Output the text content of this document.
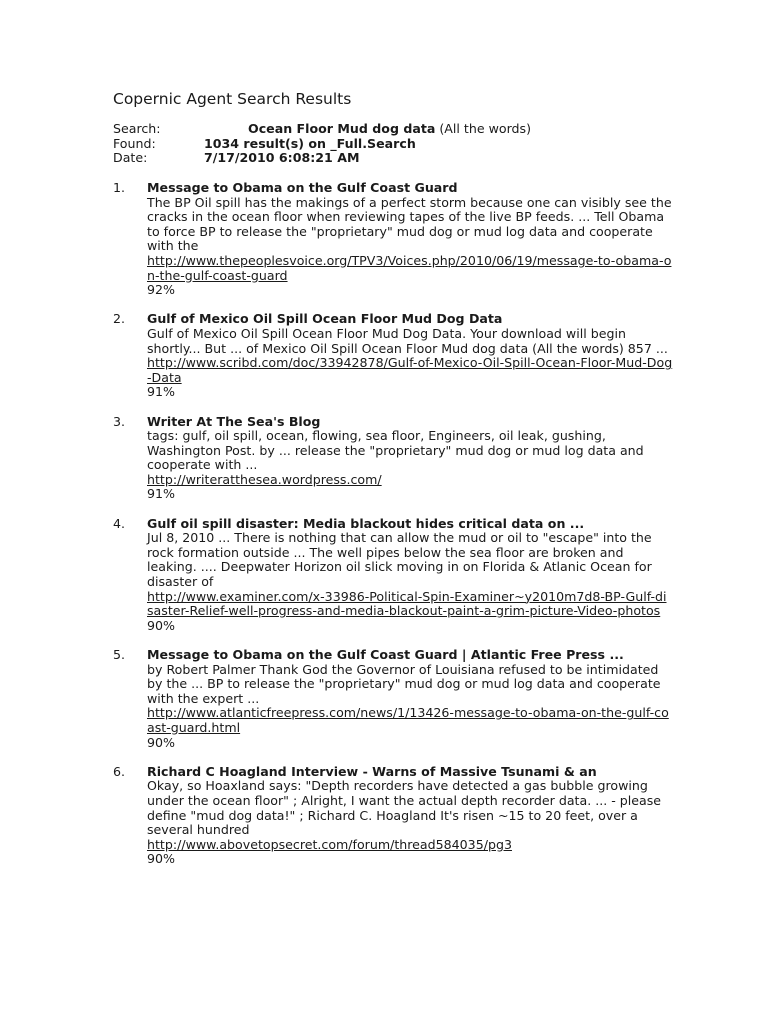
Copernic Agent Search Results
Search:	Ocean Floor Mud dog data (All the words)
Found:	1034 result(s) on _Full.Search
Date:	7/17/2010 6:08:21 AM
1. Message to Obama on the Gulf Coast Guard
The BP Oil spill has the makings of a perfect storm because one can visibly see the cracks in the ocean floor when reviewing tapes of the live BP feeds. ... Tell Obama to force BP to release the "proprietary" mud dog or mud log data and cooperate with the
http://www.thepeoplesvoice.org/TPV3/Voices.php/2010/06/19/message-to-obama-on-the-gulf-coast-guard
92%
2. Gulf of Mexico Oil Spill Ocean Floor Mud Dog Data
Gulf of Mexico Oil Spill Ocean Floor Mud Dog Data. Your download will begin shortly... But ... of Mexico Oil Spill Ocean Floor Mud dog data (All the words) 857 ...
http://www.scribd.com/doc/33942878/Gulf-of-Mexico-Oil-Spill-Ocean-Floor-Mud-Dog-Data
91%
3. Writer At The Sea's Blog
tags: gulf, oil spill, ocean, flowing, sea floor, Engineers, oil leak, gushing, Washington Post. by ... release the "proprietary" mud dog or mud log data and cooperate with ...
http://writeratthesea.wordpress.com/
91%
4. Gulf oil spill disaster: Media blackout hides critical data on ...
Jul 8, 2010 ... There is nothing that can allow the mud or oil to "escape" into the rock formation outside ... The well pipes below the sea floor are broken and leaking. .... Deepwater Horizon oil slick moving in on Florida & Atlanic Ocean for disaster of
http://www.examiner.com/x-33986-Political-Spin-Examiner~y2010m7d8-BP-Gulf-disaster-Relief-well-progress-and-media-blackout-paint-a-grim-picture-Video-photos
90%
5. Message to Obama on the Gulf Coast Guard | Atlantic Free Press ...
by Robert Palmer Thank God the Governor of Louisiana refused to be intimidated by the ... BP to release the "proprietary" mud dog or mud log data and cooperate with the expert ...
http://www.atlanticfreepress.com/news/1/13426-message-to-obama-on-the-gulf-coast-guard.html
90%
6. Richard C Hoagland Interview - Warns of Massive Tsunami & an
Okay, so Hoaxland says: "Depth recorders have detected a gas bubble growing under the ocean floor" ; Alright, I want the actual depth recorder data. ... - please define "mud dog data!" ; Richard C. Hoagland It's risen ~15 to 20 feet, over a several hundred
http://www.abovetopsecret.com/forum/thread584035/pg3
90%
